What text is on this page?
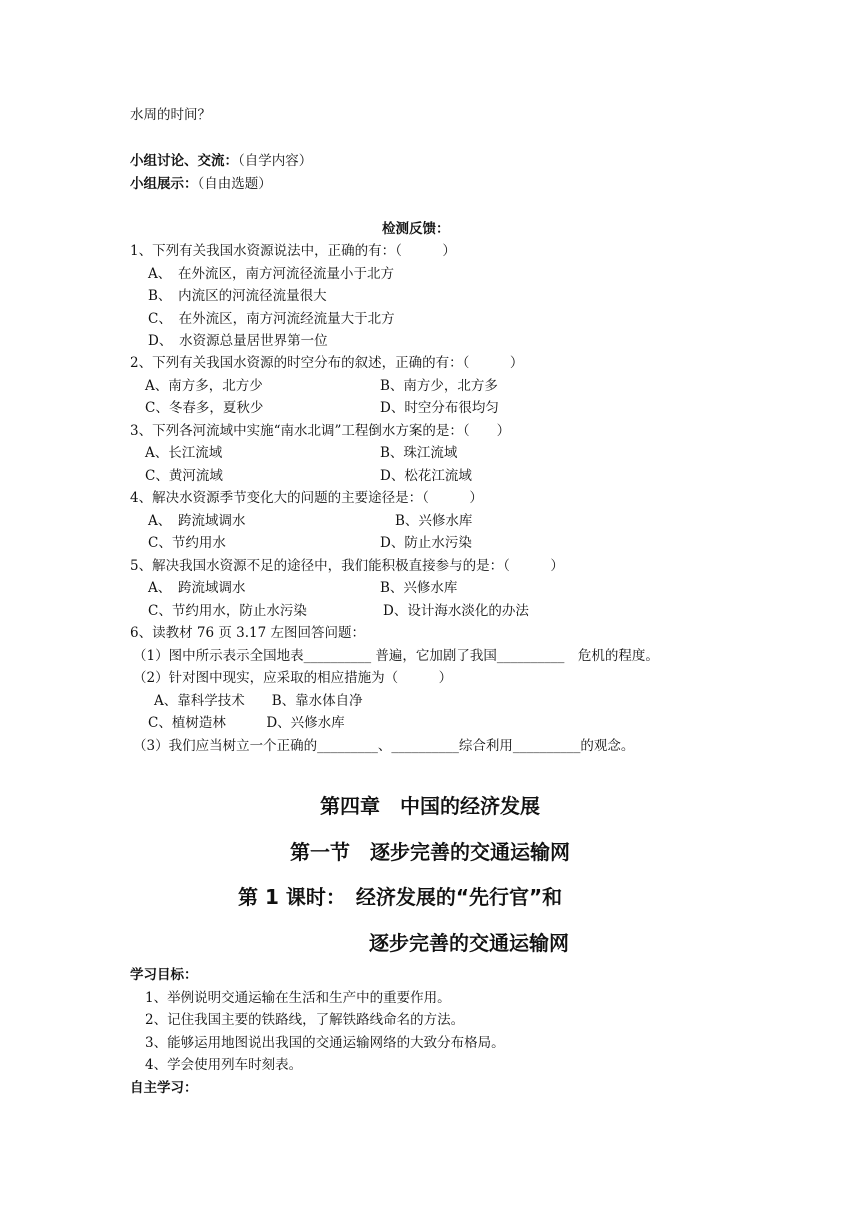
水周的时间？
小组讨论、交流：（自学内容）
小组展示：（自由选题）
检测反馈：
1、下列有关我国水资源说法中，正确的有：（　　　）
A、　在外流区，南方河流径流量小于北方
B、　内流区的河流径流量很大
C、　在外流区，南方河流经流量大于北方
D、　水资源总量居世界第一位
2、下列有关我国水资源的时空分布的叙述，正确的有：（　　　）
A、南方多，北方少	B、南方少，北方多
C、冬春多，夏秋少	D、时空分布很均匀
3、下列各河流域中实施“南水北调”工程倒水方案的是：（　　）
A、长江流域	B、珠江流域
C、黄河流域	D、松花江流域
4、解决水资源季节变化大的问题的主要途径是：（　　　）
A、　跨流域调水	B、兴修水库
C、节约用水	D、防止水污染
5、解决我国水资源不足的途径中，我们能积极直接参与的是：（　　　）
A、　跨流域调水	B、兴修水库
C、节约用水，防止水污染	D、设计海水淡化的办法
6、读教材 76 页 3.17 左图回答问题：
（1）图中所示表示全国地表__________ 普遍，它加剧了我国__________　危机的程度。
（2）针对图中现实，应采取的相应措施为（　　　）
A、靠科学技术　　B、靠水体自净
C、植树造林　　　D、兴修水库
（3）我们应当树立一个正确的_________、__________综合利用__________的观念。
第四章　中国的经济发展
第一节　逐步完善的交通运输网
第 1 课时：　经济发展的“先行官”和
逐步完善的交通运输网
学习目标：
1、举例说明交通运输在生活和生产中的重要作用。
2、记住我国主要的铁路线，了解铁路线命名的方法。
3、能够运用地图说出我国的交通运输网络的大致分布格局。
4、学会使用列车时刻表。
自主学习：
